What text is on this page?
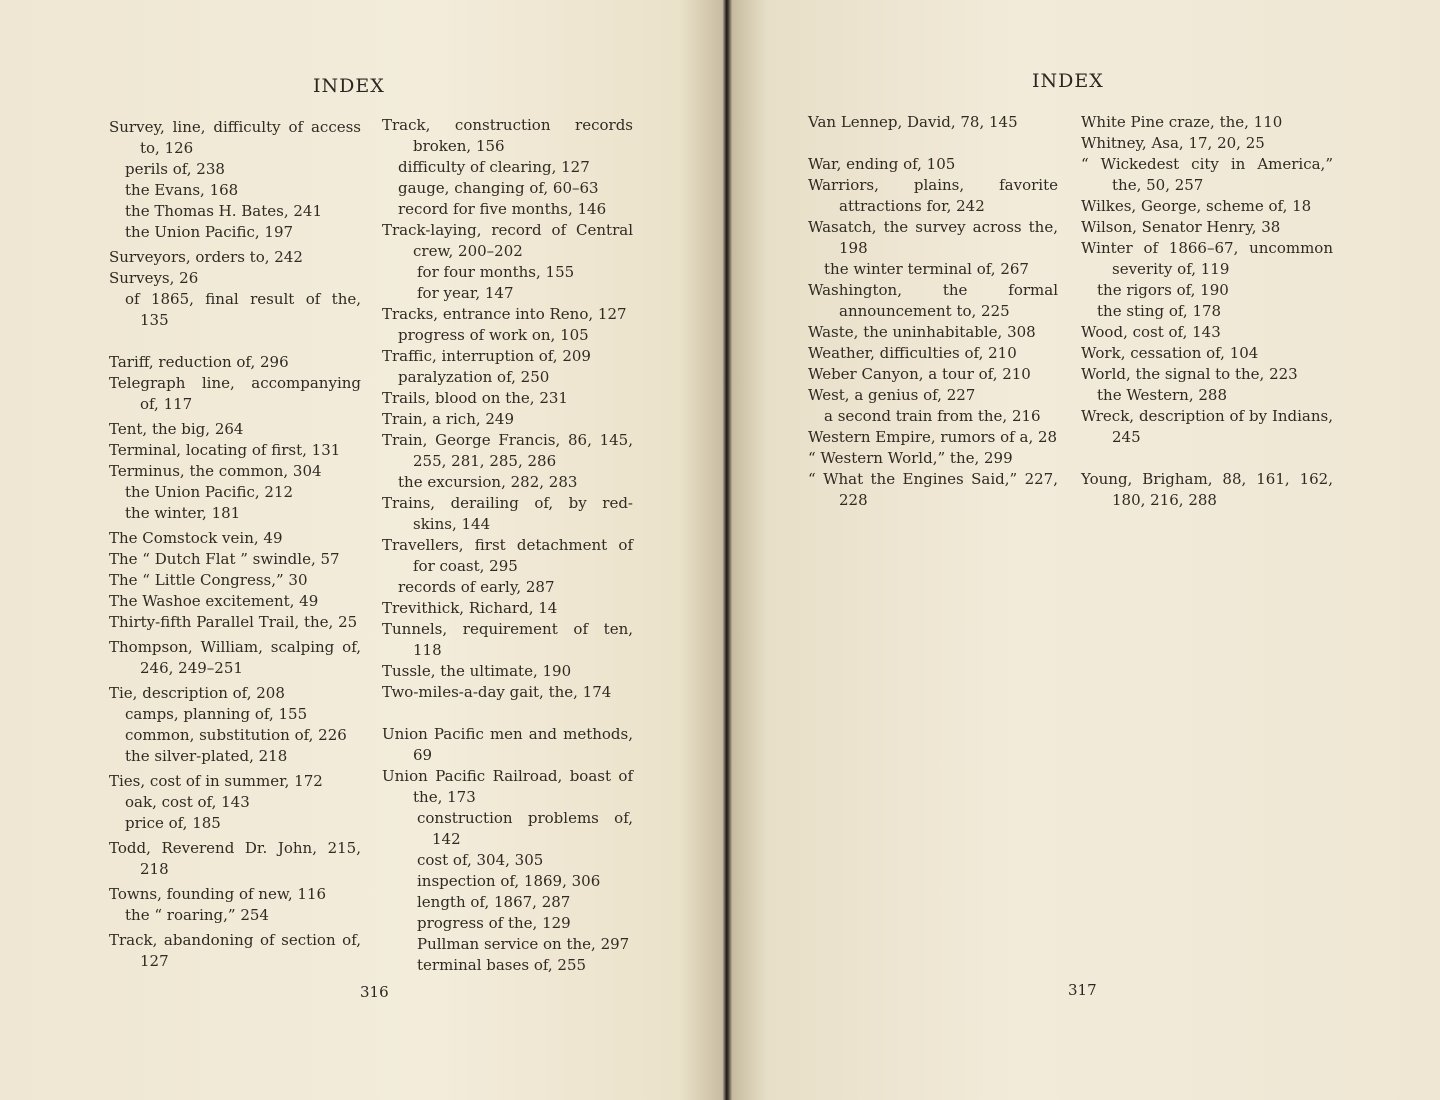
INDEX

Survey, line, difficulty of access to, 126

perils of, 238

the Evans, 168

the Thomas H. Bates, 241

the Union Pacific, 197

Surveyors, orders to, 242

Surveys, 26

of 1865, final result of the, 135

Tariff, reduction of, 296

Telegraph line, accompanying of, 117

Tent, the big, 264

Terminal, locating of first, 131

Terminus, the common, 304

the Union Pacific, 212

the winter, 181

The Comstock vein, 49

The “ Dutch Flat ” swindle, 57

The “ Little Congress,” 30

The Washoe excitement, 49

Thirty-fifth Parallel Trail, the, 25

Thompson, William, scalping of, 246, 249–251

Tie, description of, 208

camps, planning of, 155

common, substitution of, 226

the silver-plated, 218

Ties, cost of in summer, 172

oak, cost of, 143

price of, 185

Todd, Reverend Dr. John, 215, 218

Towns, founding of new, 116

the “ roaring,” 254

Track, abandoning of section of, 127

Track, construction records broken, 156

difficulty of clearing, 127

gauge, changing of, 60–63

record for five months, 146

Track-laying, record of Central crew, 200–202

for four months, 155

for year, 147

Tracks, entrance into Reno, 127

progress of work on, 105

Traffic, interruption of, 209

paralyzation of, 250

Trails, blood on the, 231

Train, a rich, 249

Train, George Francis, 86, 145, 255, 281, 285, 286

the excursion, 282, 283

Trains, derailing of, by red-skins, 144

Travellers, first detachment of for coast, 295

records of early, 287

Trevithick, Richard, 14

Tunnels, requirement of ten, 118

Tussle, the ultimate, 190

Two-miles-a-day gait, the, 174

Union Pacific men and methods, 69

Union Pacific Railroad, boast of the, 173

construction problems of, 142

cost of, 304, 305

inspection of, 1869, 306

length of, 1867, 287

progress of the, 129

Pullman service on the, 297

terminal bases of, 255

316
INDEX

Van Lennep, David, 78, 145

War, ending of, 105

Warriors, plains, favorite attractions for, 242

Wasatch, the survey across the, 198

the winter terminal of, 267

Washington, the formal announcement to, 225

Waste, the uninhabitable, 308

Weather, difficulties of, 210

Weber Canyon, a tour of, 210

West, a genius of, 227

a second train from the, 216

Western Empire, rumors of a, 28

“ Western World,” the, 299

“ What the Engines Said,” 227, 228

White Pine craze, the, 110

Whitney, Asa, 17, 20, 25

“ Wickedest city in America,” the, 50, 257

Wilkes, George, scheme of, 18

Wilson, Senator Henry, 38

Winter of 1866–67, uncommon severity of, 119

the rigors of, 190

the sting of, 178

Wood, cost of, 143

Work, cessation of, 104

World, the signal to the, 223

the Western, 288

Wreck, description of by Indians, 245

Young, Brigham, 88, 161, 162, 180, 216, 288

317
